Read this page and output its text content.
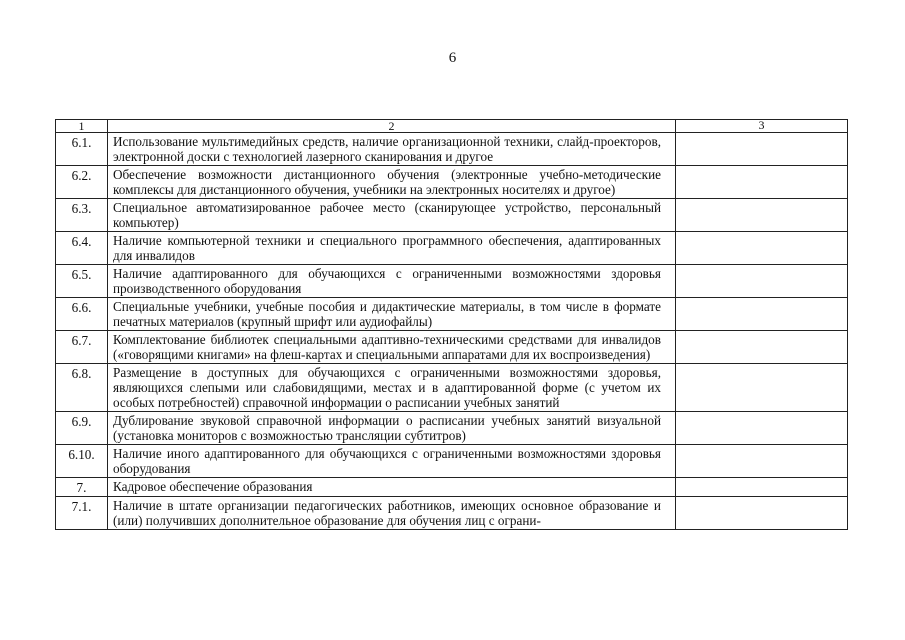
6
1	2	3
6.1.	Использование мультимедийных средств, наличие организационной техники, слайд-проекторов, электронной доски с технологией лазерного сканирования и другое	
6.2.	Обеспечение возможности дистанционного обучения (электронные учебно-методические комплексы для дистанционного обучения, учебники на электронных носителях и другое)	
6.3.	Специальное автоматизированное рабочее место (сканирующее устройство, персональный компьютер)	
6.4.	Наличие компьютерной техники и специального программного обеспечения, адаптированных для инвалидов	
6.5.	Наличие адаптированного для обучающихся с ограниченными возможностями здоровья производственного оборудования	
6.6.	Специальные учебники, учебные пособия и дидактические материалы, в том числе в формате печатных материалов (крупный шрифт или аудиофайлы)	
6.7.	Комплектование библиотек специальными адаптивно-техническими средствами для инвалидов («говорящими книгами» на флеш-картах и специальными аппаратами для их воспроизведения)	
6.8.	Размещение в доступных для обучающихся с ограниченными возможностями здоровья, являющихся слепыми или слабовидящими, местах и в адаптированной форме (с учетом их особых потребностей) справочной информации о расписании учебных занятий	
6.9.	Дублирование звуковой справочной информации о расписании учебных занятий визуальной (установка мониторов с возможностью трансляции субтитров)	
6.10.	Наличие иного адаптированного для обучающихся с ограниченными возможностями здоровья оборудования	
7.	Кадровое обеспечение образования	
7.1.	Наличие в штате организации педагогических работников, имеющих основное образование и (или) получивших дополнительное образование для обучения лиц с ограни-	
